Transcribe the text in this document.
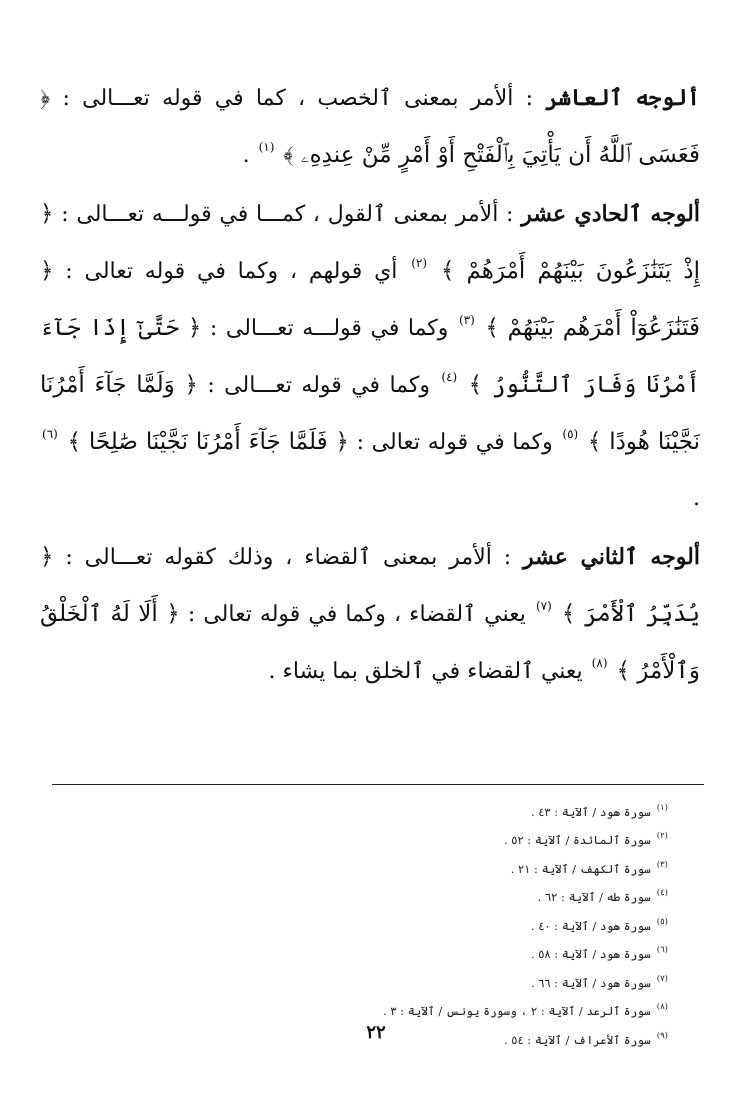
ألوجه ٱلعاشر : ألأمر بمعنى ٱلخصب ، كما في قوله تعـــالى : ﴿ فَعَسَى ٱللَّهُ أَن يَأْتِيَ بِٱلْفَتْحِ أَوْ أَمْرٍ مِّنْ عِندِهِۦ ﴾ $^{(١)}$ .

ألوجه ٱلحادي عشر : ألأمر بمعنى ٱلقول ، كمـــا في قولـــه تعـــالى : ﴿ إِذْ يَتَنَٰزَعُونَ بَيْنَهُمْ أَمْرَهُمْ ﴾ $^{(٢)}$ أي قولهم ، وكما في قوله تعالى : ﴿ فَتَنَٰزَعُوٓاْ أَمْرَهُم بَيْنَهُمْ ﴾ $^{(٣)}$ وكما في قولـــه تعـــالى : ﴿ حَتَّىٰٓ إِذَا جَآءَ أَمْرُنَا وَفَارَ ٱلتَّنُّورُ ﴾ $^{(٤)}$ وكما في قوله تعـــالى : ﴿ وَلَمَّا جَآءَ أَمْرُنَا نَجَّيْنَا هُودًا ﴾ $^{(٥)}$ وكما في قوله تعالى : ﴿ فَلَمَّا جَآءَ أَمْرُنَا نَجَّيْنَا صَٰلِحًا ﴾ $^{(٦)}$ .

ألوجه ٱلثاني عشر : ألأمر بمعنى ٱلقضاء ، وذلك كقوله تعـــالى : ﴿ يُدَبِّرُ ٱلْأَمْرَ ﴾ $^{(٧)}$ يعني ٱلقضاء ، وكما في قوله تعالى : ﴿ أَلَا لَهُ ٱلْخَلْقُ وَٱلْأَمْرُ ﴾ $^{(٨)}$ يعني ٱلقضاء في ٱلخلق بما يشاء .

$^{(١)}$سورة هود / ٱلآية : ٤٣ .
$^{(٢)}$سورة ٱلمائدة / ٱلآية : ٥٢ .
$^{(٣)}$سورة ٱلكهف / ٱلآية : ٢١ .
$^{(٤)}$سورة طه / ٱلآية : ٦٢ .
$^{(٥)}$سورة هود / ٱلآية : ٤٠ .
$^{(٦)}$سورة هود / ٱلآية : ٥٨ .
$^{(٧)}$سورة هود / ٱلآية : ٦٦ .
$^{(٨)}$سورة ٱلرعد / ٱلآية : ٢ ، وسورة يونس / ٱلآية : ٣ .
$^{(٩)}$سورة ٱلأعراف / ٱلآية : ٥٤ .
٢٢
